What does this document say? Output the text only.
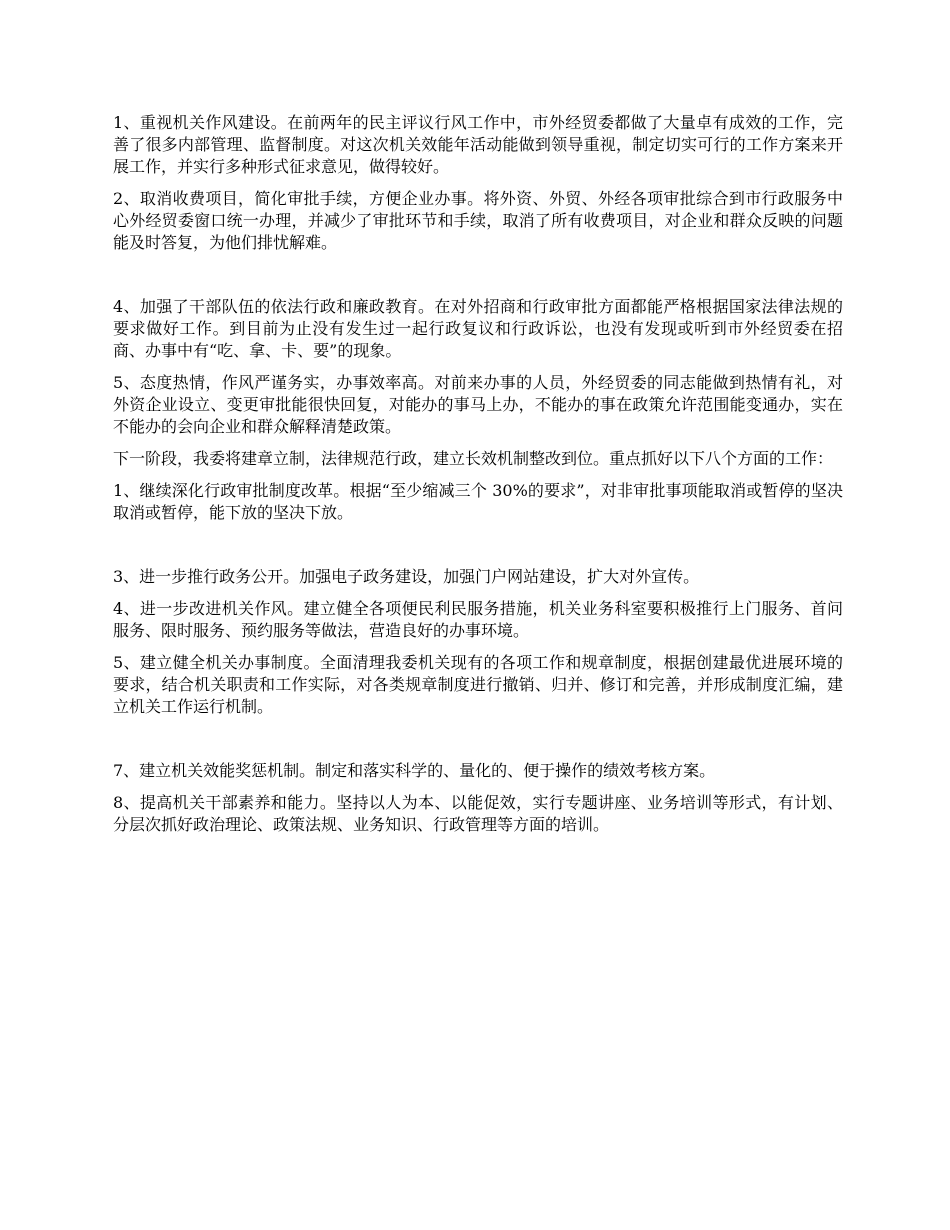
1、重视机关作风建设。在前两年的民主评议行风工作中，市外经贸委都做了大量卓有成效的工作，完善了很多内部管理、监督制度。对这次机关效能年活动能做到领导重视，制定切实可行的工作方案来开展工作，并实行多种形式征求意见，做得较好。

2、取消收费项目，简化审批手续，方便企业办事。将外资、外贸、外经各项审批综合到市行政服务中心外经贸委窗口统一办理，并减少了审批环节和手续，取消了所有收费项目，对企业和群众反映的问题能及时答复，为他们排忧解难。

4、加强了干部队伍的依法行政和廉政教育。在对外招商和行政审批方面都能严格根据国家法律法规的要求做好工作。到目前为止没有发生过一起行政复议和行政诉讼，也没有发现或听到市外经贸委在招商、办事中有“吃、拿、卡、要”的现象。

5、态度热情，作风严谨务实，办事效率高。对前来办事的人员，外经贸委的同志能做到热情有礼，对外资企业设立、变更审批能很快回复，对能办的事马上办，不能办的事在政策允许范围能变通办，实在不能办的会向企业和群众解释清楚政策。

下一阶段，我委将建章立制，法律规范行政，建立长效机制整改到位。重点抓好以下八个方面的工作：

1、继续深化行政审批制度改革。根据“至少缩减三个 30%的要求”，对非审批事项能取消或暂停的坚决取消或暂停，能下放的坚决下放。

3、进一步推行政务公开。加强电子政务建设，加强门户网站建设，扩大对外宣传。

4、进一步改进机关作风。建立健全各项便民利民服务措施，机关业务科室要积极推行上门服务、首问服务、限时服务、预约服务等做法，营造良好的办事环境。

5、建立健全机关办事制度。全面清理我委机关现有的各项工作和规章制度，根据创建最优进展环境的要求，结合机关职责和工作实际，对各类规章制度进行撤销、归并、修订和完善，并形成制度汇编，建立机关工作运行机制。

7、建立机关效能奖惩机制。制定和落实科学的、量化的、便于操作的绩效考核方案。

8、提高机关干部素养和能力。坚持以人为本、以能促效，实行专题讲座、业务培训等形式，有计划、分层次抓好政治理论、政策法规、业务知识、行政管理等方面的培训。
